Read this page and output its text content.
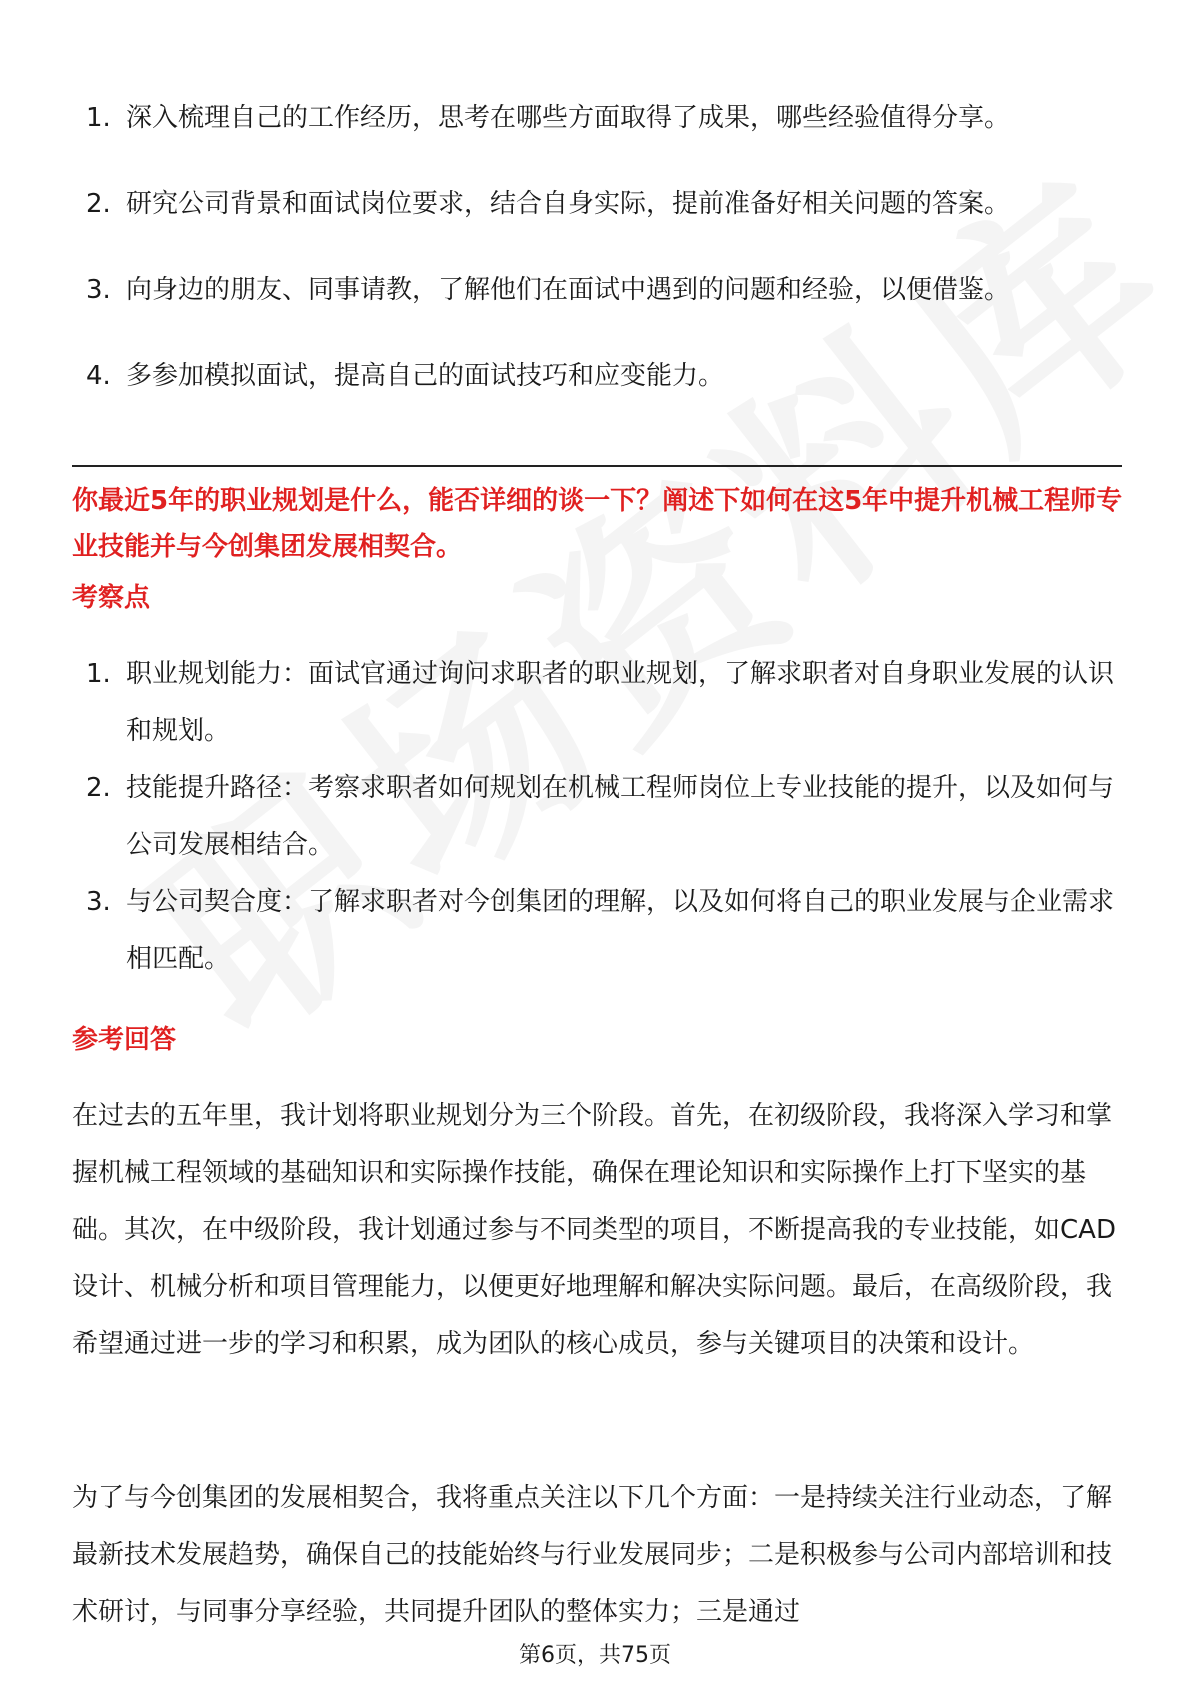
1. 深入梳理自己的工作经历，思考在哪些方面取得了成果，哪些经验值得分享。
2. 研究公司背景和面试岗位要求，结合自身实际，提前准备好相关问题的答案。
3. 向身边的朋友、同事请教，了解他们在面试中遇到的问题和经验，以便借鉴。
4. 多参加模拟面试，提高自己的面试技巧和应变能力。
你最近5年的职业规划是什么，能否详细的谈一下？阐述下如何在这5年中提升机械工程师专业技能并与今创集团发展相契合。
考察点
1. 职业规划能力：面试官通过询问求职者的职业规划，了解求职者对自身职业发展的认识和规划。
2. 技能提升路径：考察求职者如何规划在机械工程师岗位上专业技能的提升，以及如何与公司发展相结合。
3. 与公司契合度：了解求职者对今创集团的理解，以及如何将自己的职业发展与企业需求相匹配。
参考回答

在过去的五年里，我计划将职业规划分为三个阶段。首先，在初级阶段，我将深入学习和掌握机械工程领域的基础知识和实际操作技能，确保在理论知识和实际操作上打下坚实的基础。其次，在中级阶段，我计划通过参与不同类型的项目，不断提高我的专业技能，如CAD设计、机械分析和项目管理能力，以便更好地理解和解决实际问题。最后，在高级阶段，我希望通过进一步的学习和积累，成为团队的核心成员，参与关键项目的决策和设计。

为了与今创集团的发展相契合，我将重点关注以下几个方面：一是持续关注行业动态，了解最新技术发展趋势，确保自己的技能始终与行业发展同步；二是积极参与公司内部培训和技术研讨，与同事分享经验，共同提升团队的整体实力；三是通过

第6页，共75页
